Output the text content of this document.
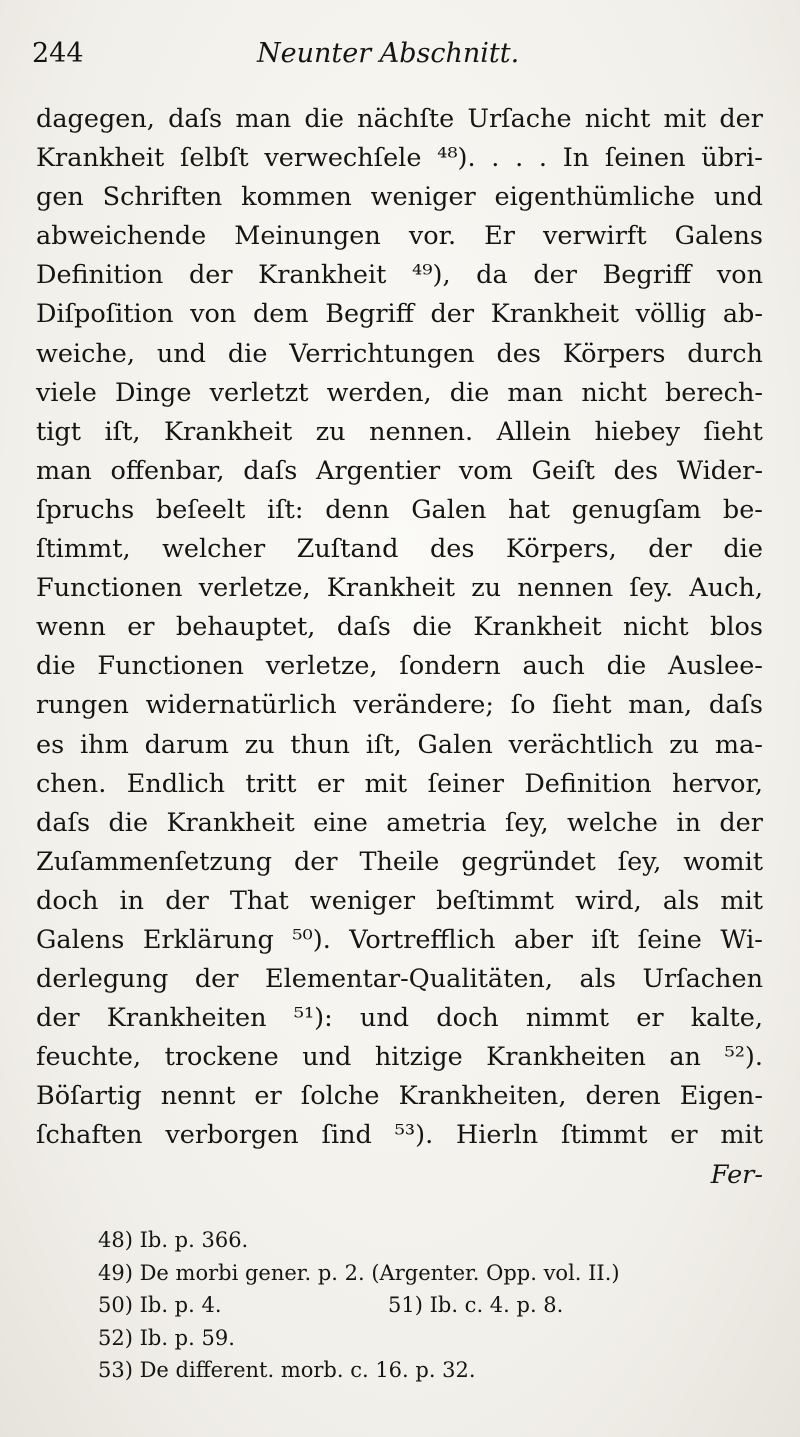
244	Neunter Abschnitt.
dagegen, daſs man die nächſte Urſache nicht mit der
Krankheit ſelbſt verwechſele ⁴⁸). . . . In ſeinen übri-
gen Schriften kommen weniger eigenthümliche und
abweichende Meinungen vor. Er verwirft Galens
Definition der Krankheit ⁴⁹), da der Begriff von
Diſpoſition von dem Begriff der Krankheit völlig ab-
weiche, und die Verrichtungen des Körpers durch
viele Dinge verletzt werden, die man nicht berech-
tigt iſt, Krankheit zu nennen. Allein hiebey ſieht
man offenbar, daſs Argentier vom Geiſt des Wider-
ſpruchs beſeelt iſt: denn Galen hat genugſam be-
ſtimmt, welcher Zuſtand des Körpers, der die
Functionen verletze, Krankheit zu nennen ſey. Auch,
wenn er behauptet, daſs die Krankheit nicht blos
die Functionen verletze, ſondern auch die Auslee-
rungen widernatürlich verändere; ſo ſieht man, daſs
es ihm darum zu thun iſt, Galen verächtlich zu ma-
chen. Endlich tritt er mit ſeiner Definition hervor,
daſs die Krankheit eine ametria ſey, welche in der
Zuſammenſetzung der Theile gegründet ſey, womit
doch in der That weniger beſtimmt wird, als mit
Galens Erklärung ⁵⁰). Vortrefflich aber iſt ſeine Wi-
derlegung der Elementar-Qualitäten, als Urſachen
der Krankheiten ⁵¹): und doch nimmt er kalte,
feuchte, trockene und hitzige Krankheiten an ⁵²).
Böſartig nennt er ſolche Krankheiten, deren Eigen-
ſchaften verborgen ſind ⁵³). Hierln ſtimmt er mit
Fer-
48) Ib. p. 366.
49) De morbi gener. p. 2. (Argenter. Opp. vol. II.)
50) Ib. p. 4.	51) Ib. c. 4. p. 8.
52) Ib. p. 59.
53) De different. morb. c. 16. p. 32.
